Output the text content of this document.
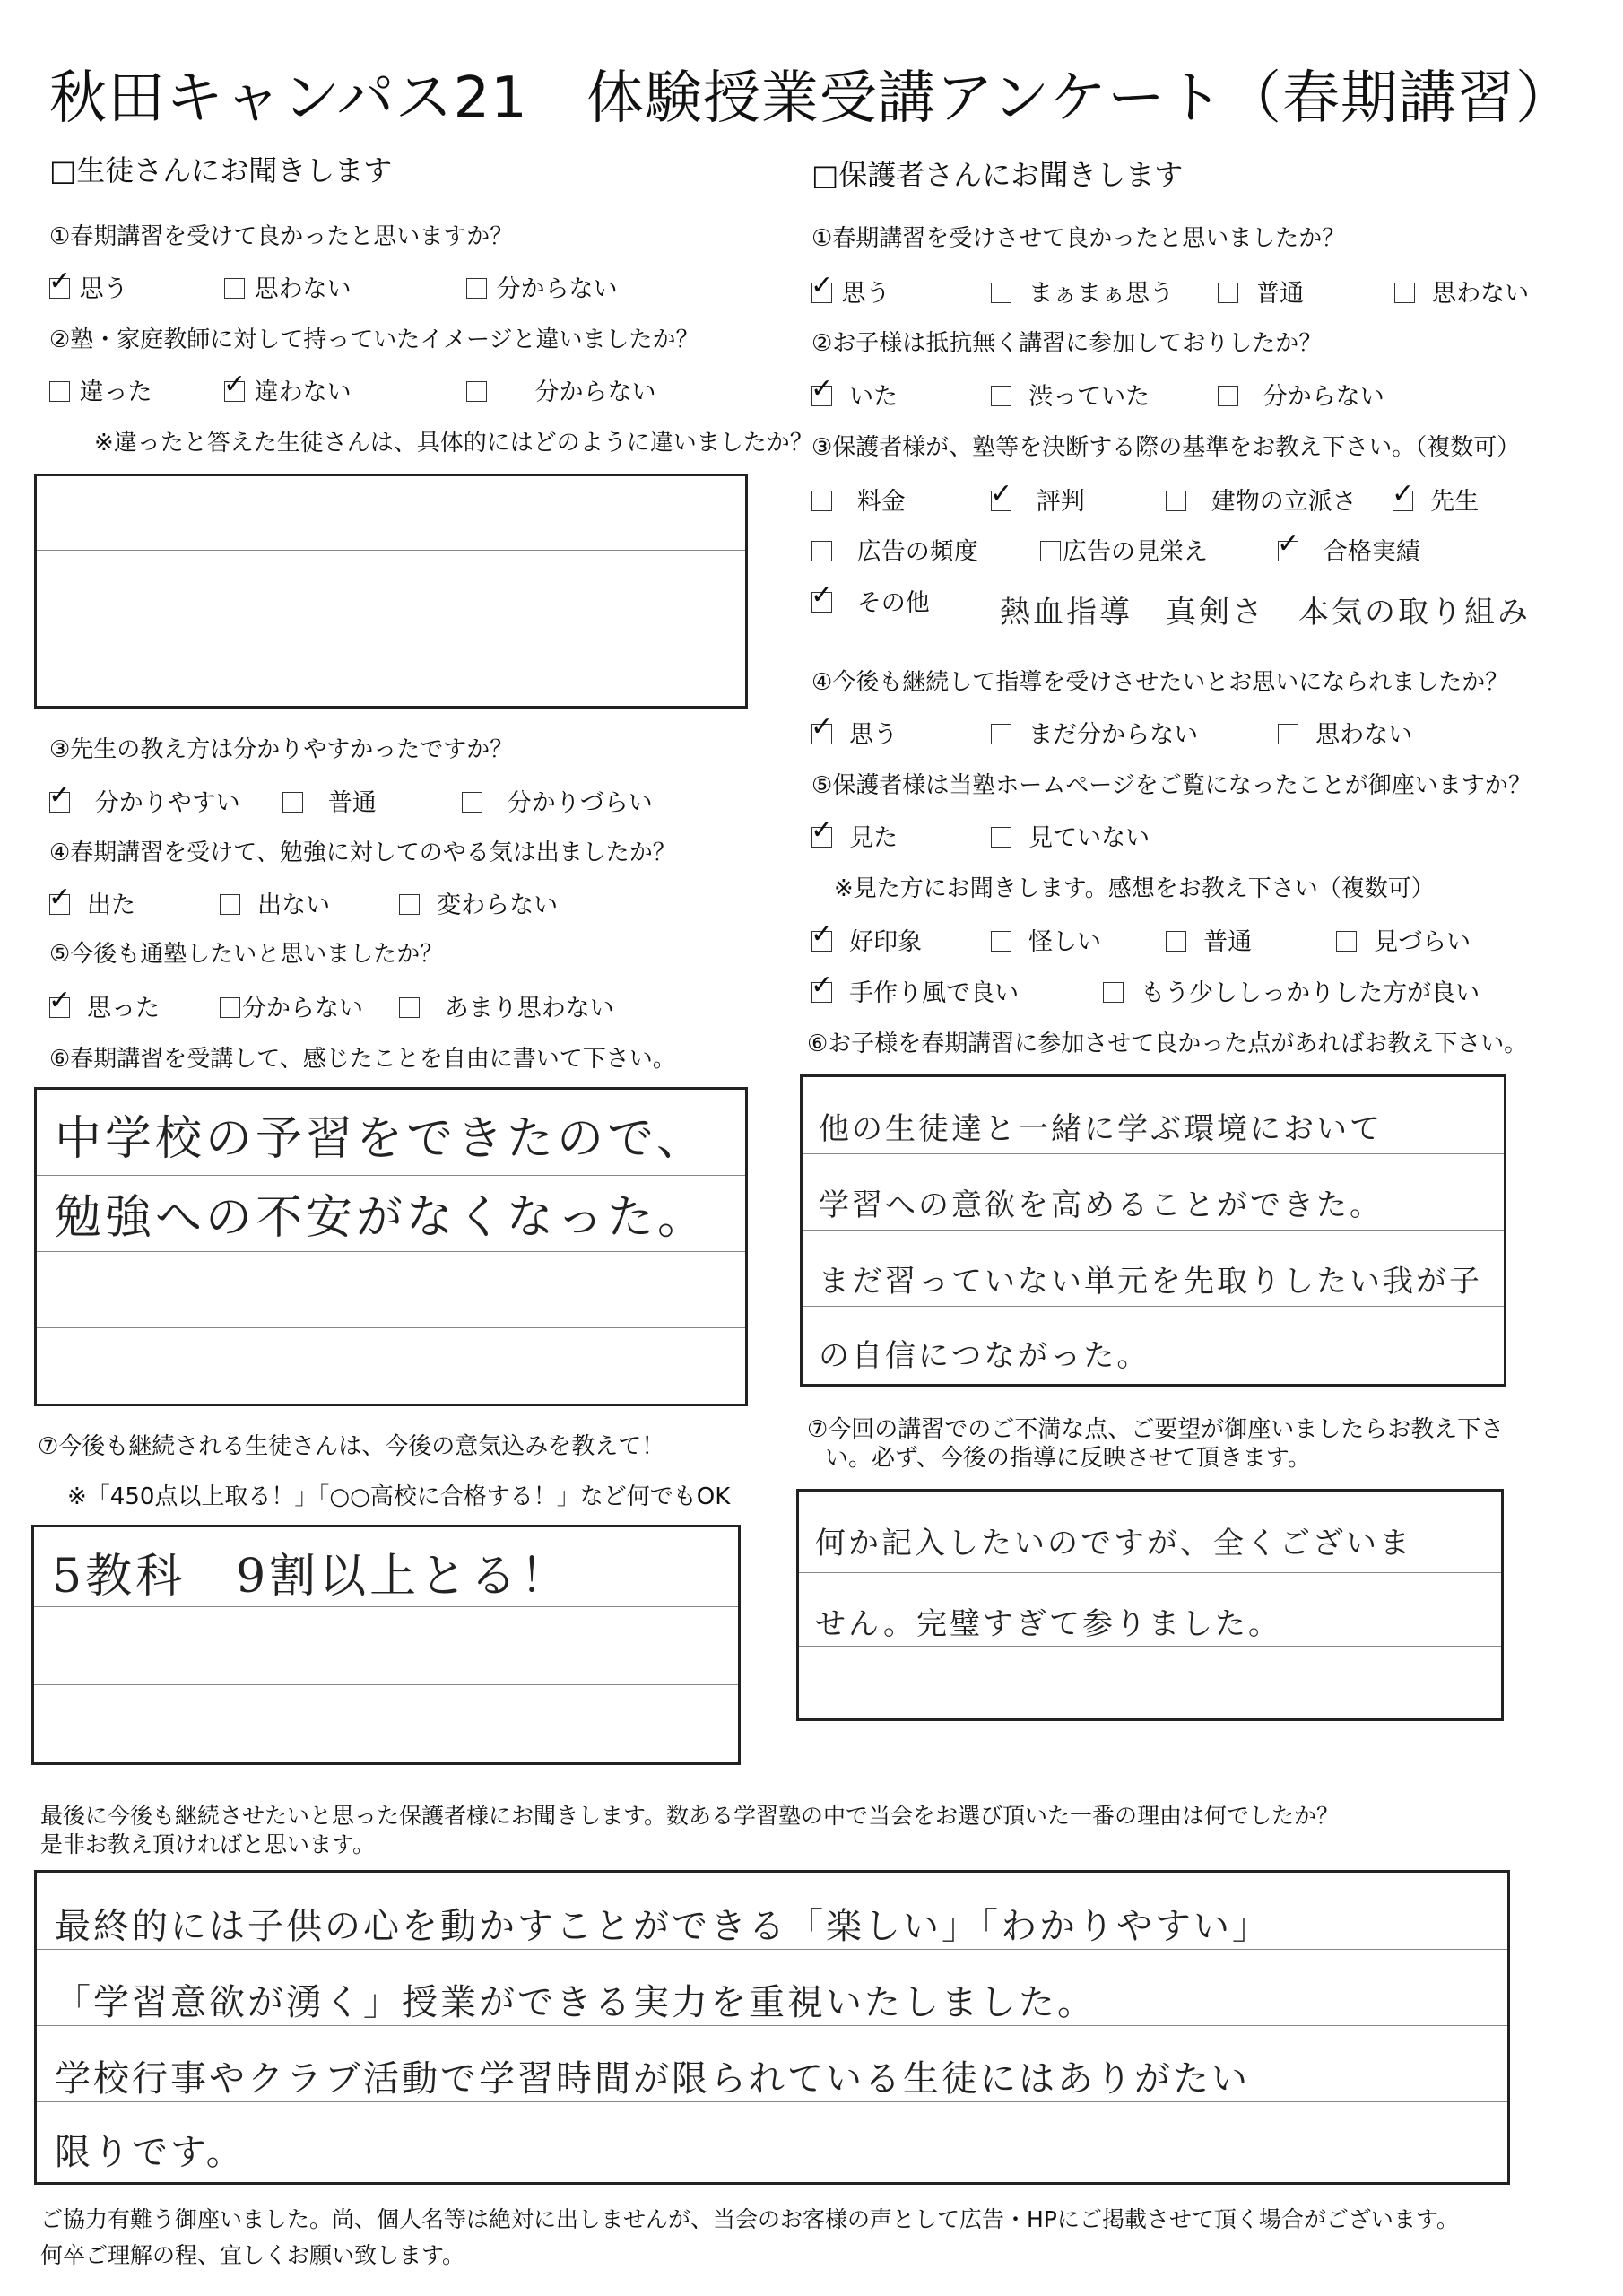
秋田キャンパス21　体験授業受講アンケート（春期講習）
□生徒さんにお聞きします
①春期講習を受けて良かったと思いますか？
✓ 思う	思わない	分からない
②塾・家庭教師に対して持っていたイメージと違いましたか？
違った	✓ 違わない	分からない
※違ったと答えた生徒さんは、具体的にはどのように違いましたか？
③先生の教え方は分かりやすかったですか？
✓ 分かりやすい	普通	分かりづらい
④春期講習を受けて、勉強に対してのやる気は出ましたか？
✓ 出た	出ない	変わらない
⑤今後も通塾したいと思いましたか？
✓ 思った	分からない	あまり思わない
⑥春期講習を受講して、感じたことを自由に書いて下さい。
中学校の予習をできたので、
勉強への不安がなくなった。
⑦今後も継続される生徒さんは、今後の意気込みを教えて！
※「450点以上取る！」「○○高校に合格する！」など何でもOK
5教科　9割以上とる！
□保護者さんにお聞きします
①春期講習を受けさせて良かったと思いましたか？
✓ 思う	まぁまぁ思う	普通	思わない
②お子様は抵抗無く講習に参加しておりしたか？
✓ いた	渋っていた	分からない
③保護者様が、塾等を決断する際の基準をお教え下さい。（複数可）
料金	✓ 評判	建物の立派さ ✓ 先生
広告の頻度	広告の見栄え	✓ 合格実績
✓ その他 熱血指導　真剣さ　本気の取り組み
④今後も継続して指導を受けさせたいとお思いになられましたか？
✓ 思う	まだ分からない	思わない
⑤保護者様は当塾ホームページをご覧になったことが御座いますか？
✓ 見た	見ていない
※見た方にお聞きします。感想をお教え下さい（複数可）
✓ 好印象	怪しい	普通	見づらい
✓ 手作り風で良い	もう少ししっかりした方が良い
⑥お子様を春期講習に参加させて良かった点があればお教え下さい。
他の生徒達と一緒に学ぶ環境において
学習への意欲を高めることができた。
まだ習っていない単元を先取りしたい我が子
の自信につながった。
⑦今回の講習でのご不満な点、ご要望が御座いましたらお教え下さ
い。必ず、今後の指導に反映させて頂きます。
何か記入したいのですが、全くございま
せん。完璧すぎて参りました。
最後に今後も継続させたいと思った保護者様にお聞きします。数ある学習塾の中で当会をお選び頂いた一番の理由は何でしたか？
是非お教え頂ければと思います。
最終的には子供の心を動かすことができる「楽しい」「わかりやすい」
「学習意欲が湧く」授業ができる実力を重視いたしました。
学校行事やクラブ活動で学習時間が限られている生徒にはありがたい
限りです。
ご協力有難う御座いました。尚、個人名等は絶対に出しませんが、当会のお客様の声として広告・HPにご掲載させて頂く場合がございます。
何卒ご理解の程、宜しくお願い致します。
